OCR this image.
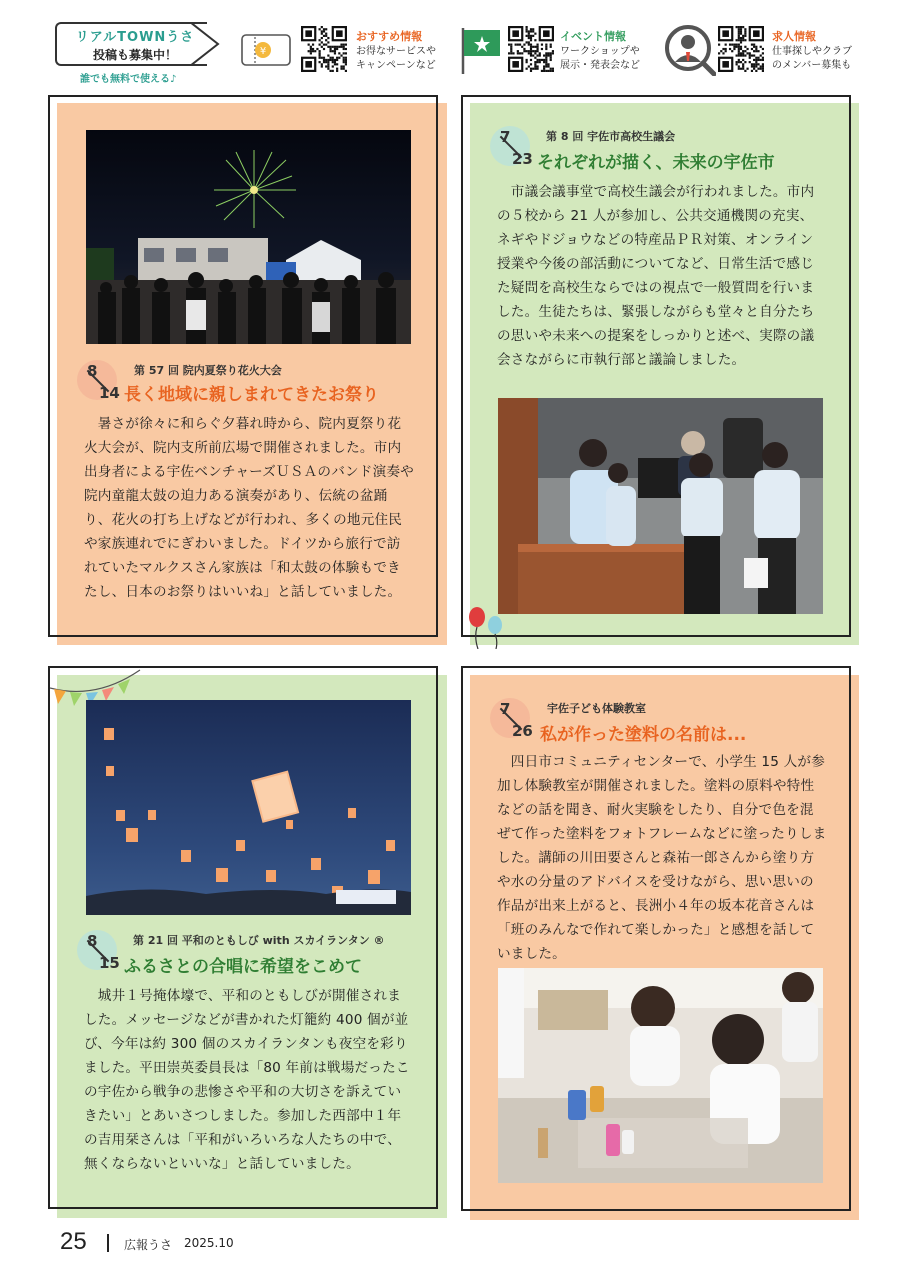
リアルTOWNうさ
投稿も募集中！
誰でも無料で使える♪
¥
おすすめ情報
お得なサービスや
キャンペーンなど
イベント情報
ワークショップや
展示・発表会など
求人情報
仕事探しやクラブ
のメンバー募集も
8
14
第 57 回 院内夏祭り花火大会
長く地域に親しまれてきたお祭り
　暑さが徐々に和らぐ夕暮れ時から、院内夏祭り花火大会が、院内支所前広場で開催されました。市内出身者による宇佐ベンチャーズＵＳＡのバンド演奏や院内童龍太鼓の迫力ある演奏があり、伝統の盆踊り、花火の打ち上げなどが行われ、多くの地元住民や家族連れでにぎわいました。ドイツから旅行で訪れていたマルクスさん家族は「和太鼓の体験もできたし、日本のお祭りはいいね」と話していました。
7
23
第 8 回 宇佐市高校生議会
それぞれが描く、未来の宇佐市
　市議会議事堂で高校生議会が行われました。市内の５校から 21 人が参加し、公共交通機関の充実、ネギやドジョウなどの特産品ＰＲ対策、オンライン授業や今後の部活動についてなど、日常生活で感じた疑問を高校生ならではの視点で一般質問を行いました。生徒たちは、緊張しながらも堂々と自分たちの思いや未来への提案をしっかりと述べ、実際の議会さながらに市執行部と議論しました。
8
15
第 21 回 平和のともしび with スカイランタン ®
ふるさとの合唱に希望をこめて
　城井１号掩体壕で、平和のともしびが開催されました。メッセージなどが書かれた灯籠約 400 個が並び、今年は約 300 個のスカイランタンも夜空を彩りました。平田崇英委員長は「80 年前は戦場だったこの宇佐から戦争の悲惨さや平和の大切さを訴えていきたい」とあいさつしました。参加した西部中１年の吉用栞さんは「平和がいろいろな人たちの中で、無くならないといいな」と話していました。
7
26
宇佐子ども体験教室
私が作った塗料の名前は...
　四日市コミュニティセンターで、小学生 15 人が参加し体験教室が開催されました。塗料の原料や特性などの話を聞き、耐火実験をしたり、自分で色を混ぜて作った塗料をフォトフレームなどに塗ったりしました。講師の川田要さんと森祐一郎さんから塗り方や水の分量のアドバイスを受けながら、思い思いの作品が出来上がると、長洲小４年の坂本花音さんは「班のみんなで作れて楽しかった」と感想を話していました。
25	広報うさ 2025.10
